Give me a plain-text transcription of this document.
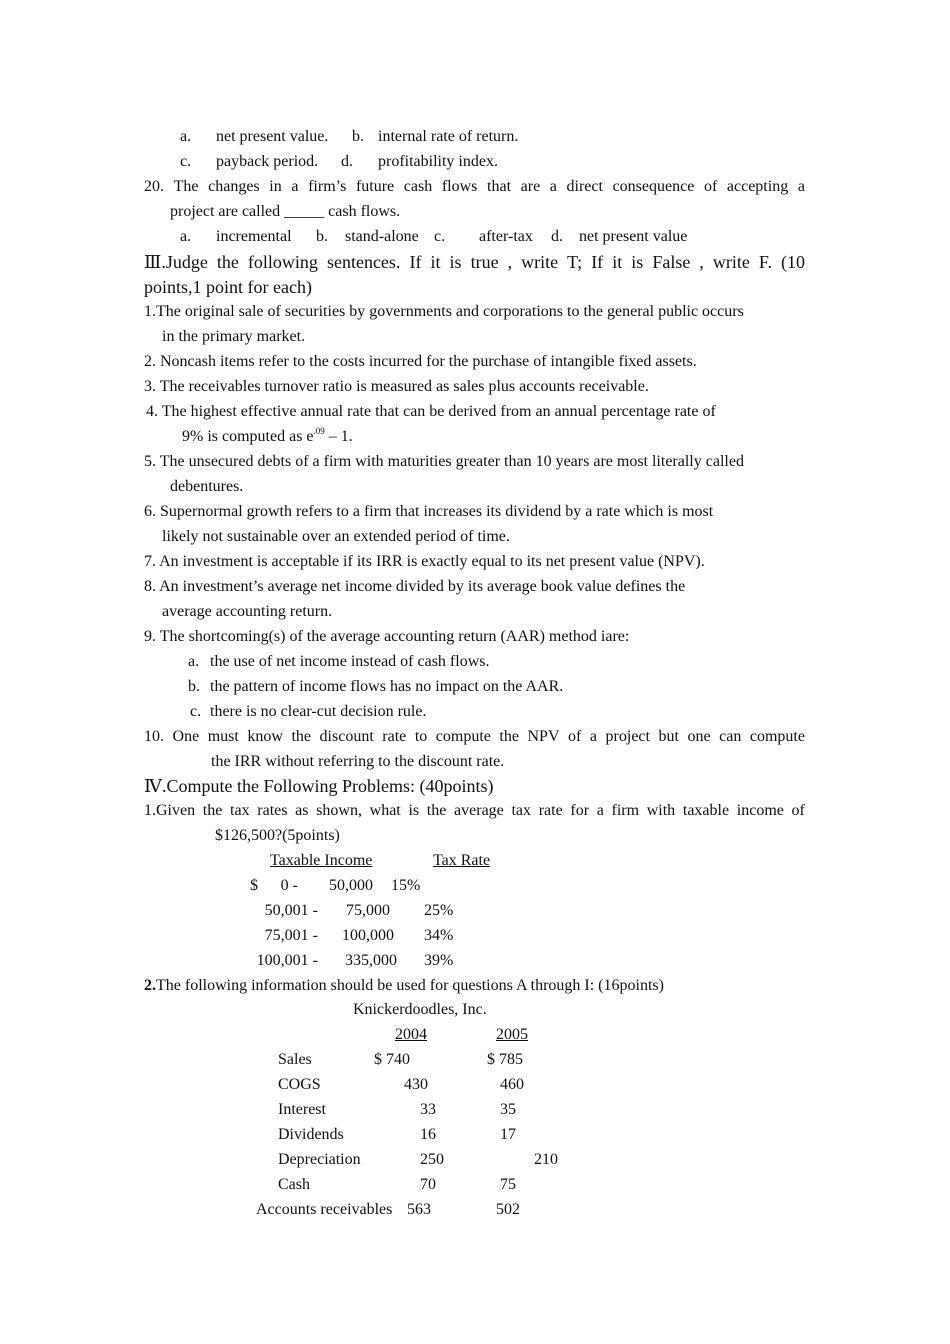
a. net present value. b. internal rate of return.
c. payback period. d. profitability index.
20. The changes in a firm’s future cash flows that are a direct consequence of accepting a
project are called _____ cash flows.
a. incremental b. stand-alone c. after-tax d. net present value
Ⅲ.Judge the following sentences. If it is true , write T; If it is False , write F. (10
points,1 point for each)
1.The original sale of securities by governments and corporations to the general public occurs
in the primary market.
2. Noncash items refer to the costs incurred for the purchase of intangible fixed assets.
3. The receivables turnover ratio is measured as sales plus accounts receivable.
4. The highest effective annual rate that can be derived from an annual percentage rate of
9% is computed as $e^{.09} - 1$.
5. The unsecured debts of a firm with maturities greater than 10 years are most literally called
debentures.
6. Supernormal growth refers to a firm that increases its dividend by a rate which is most
likely not sustainable over an extended period of time.
7. An investment is acceptable if its IRR is exactly equal to its net present value (NPV).
8. An investment’s average net income divided by its average book value defines the
average accounting return.
9. The shortcoming(s) of the average accounting return (AAR) method iare:
a. the use of net income instead of cash flows.
b. the pattern of income flows has no impact on the AAR.
c. there is no clear-cut decision rule.
10. One must know the discount rate to compute the NPV of a project but one can compute
the IRR without referring to the discount rate.
Ⅳ.Compute the Following Problems: (40points)
1.Given the tax rates as shown, what is the average tax rate for a firm with taxable income of
$126,500?(5points)
Taxable Income	Tax Rate
$	0 -	50,000 15%
50,001 -	75,000 25%
75,001 -	100,000 34%
100,001 -	335,000 39%
2.The following information should be used for questions A through I: (16points)
Knickerdoodles, Inc.
2004	2005
Sales	$ 740	$ 785
COGS	430	460
Interest	33	35
Dividends	16	17
Depreciation	250	210
Cash	70	75
Accounts receivables 563	502
